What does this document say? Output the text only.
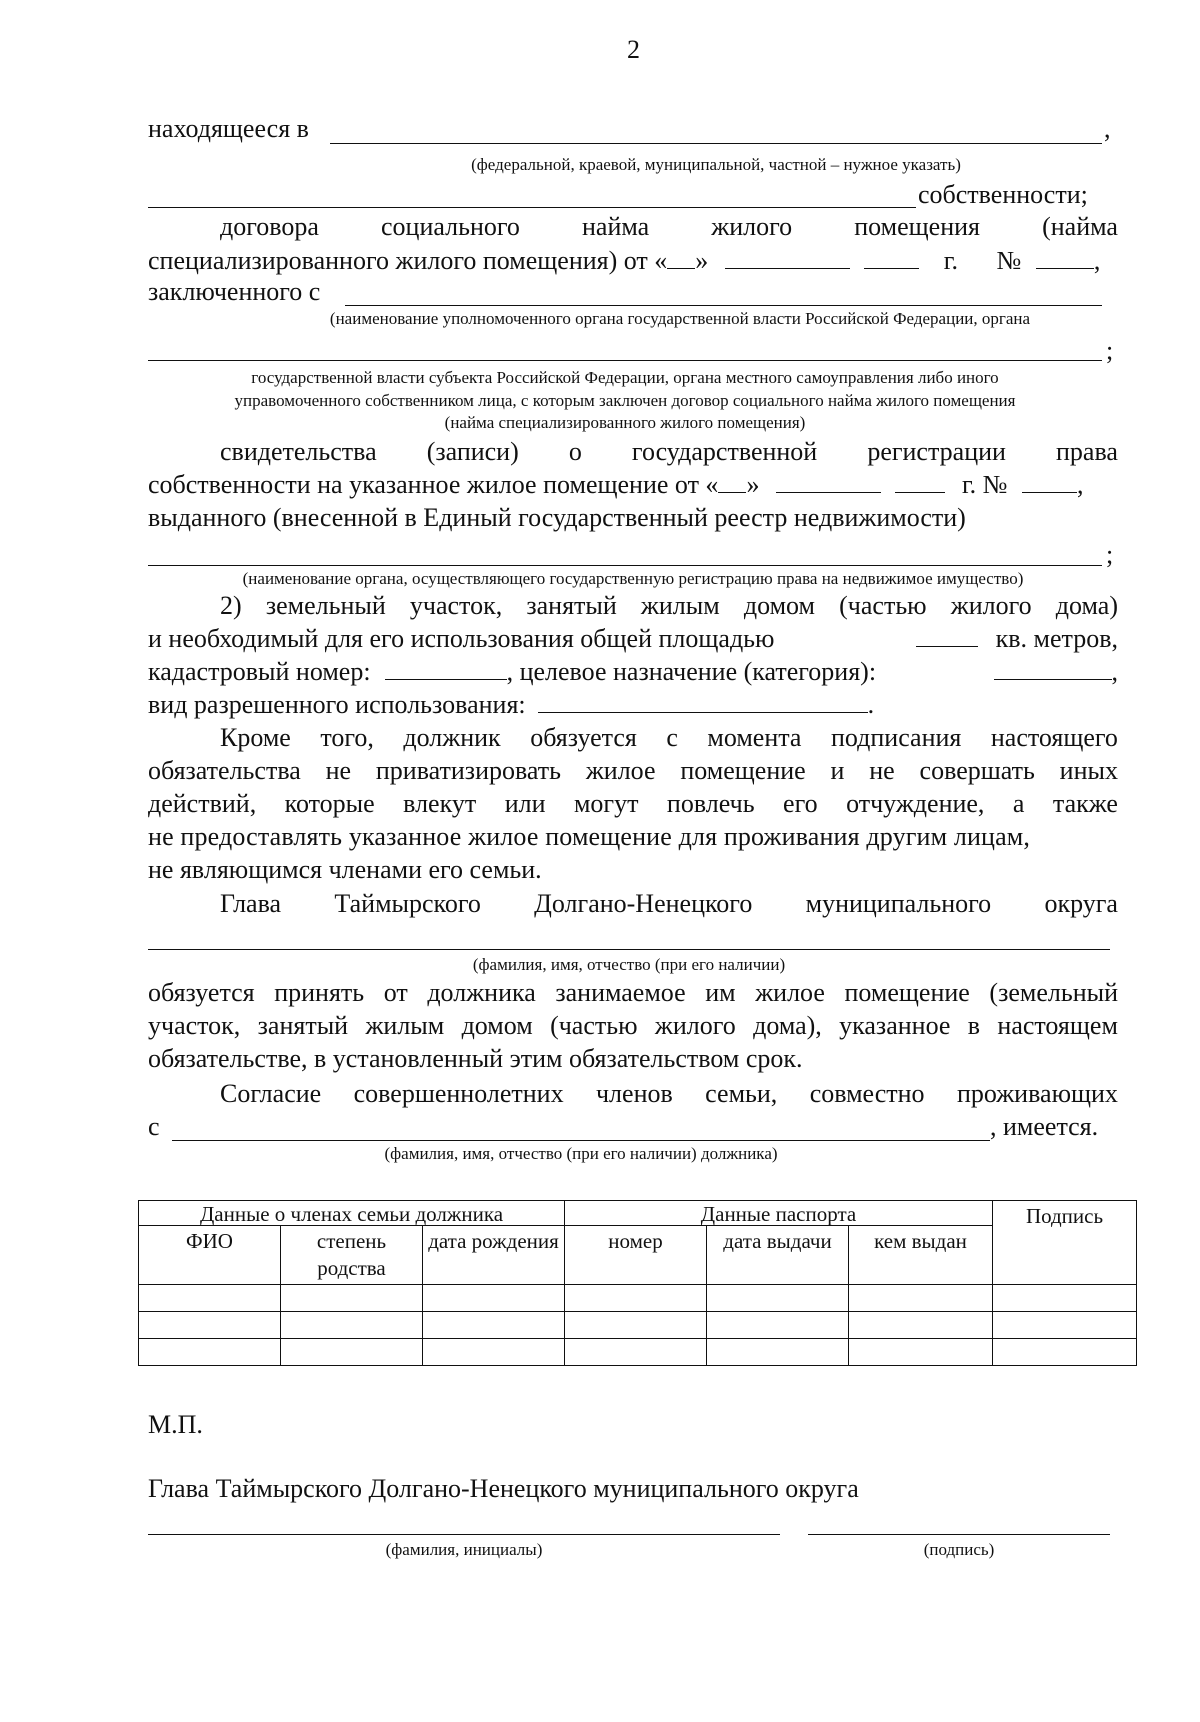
2
находящееся в	,
(федеральной, краевой, муниципальной, частной – нужное указать)
собственности;
договора социального найма жилого помещения (найма
специализированного жилого помещения) от « »	г. №	,
заключенного с
(наименование уполномоченного органа государственной власти Российской Федерации, органа
;
государственной власти субъекта Российской Федерации, органа местного самоуправления либо иного
управомоченного собственником лица, с которым заключен договор социального найма жилого помещения
(найма специализированного жилого помещения)
свидетельства (записи) о государственной регистрации права
собственности на указанное жилое помещение от « »	г. №	,
выданного (внесенной в Единый государственный реестр недвижимости)
;
(наименование органа, осуществляющего государственную регистрацию права на недвижимое имущество)
2) земельный участок, занятый жилым домом (частью жилого дома)
и необходимый для его использования общей площадью	кв. метров,
кадастровый номер:	, целевое назначение (категория):	,
вид разрешенного использования:	.
Кроме того, должник обязуется с момента подписания настоящего
обязательства не приватизировать жилое помещение и не совершать иных
действий, которые влекут или могут повлечь его отчуждение, а также
не предоставлять указанное жилое помещение для проживания другим лицам,
не являющимся членами его семьи.
Глава Таймырского Долгано-Ненецкого муниципального округа
(фамилия, имя, отчество (при его наличии)
обязуется принять от должника занимаемое им жилое помещение (земельный
участок, занятый жилым домом (частью жилого дома), указанное в настоящем
обязательстве, в установленный этим обязательством срок.
Согласие совершеннолетних членов семьи, совместно проживающих
с	, имеется.
(фамилия, имя, отчество (при его наличии) должника)
Данные о членах семьи должника			Данные паспорта			Подпись
ФИО	степень родства	дата рождения	номер	дата выдачи	кем выдан	

М.П.
Глава Таймырского Долгано-Ненецкого муниципального округа
(фамилия, инициалы)	(подпись)
